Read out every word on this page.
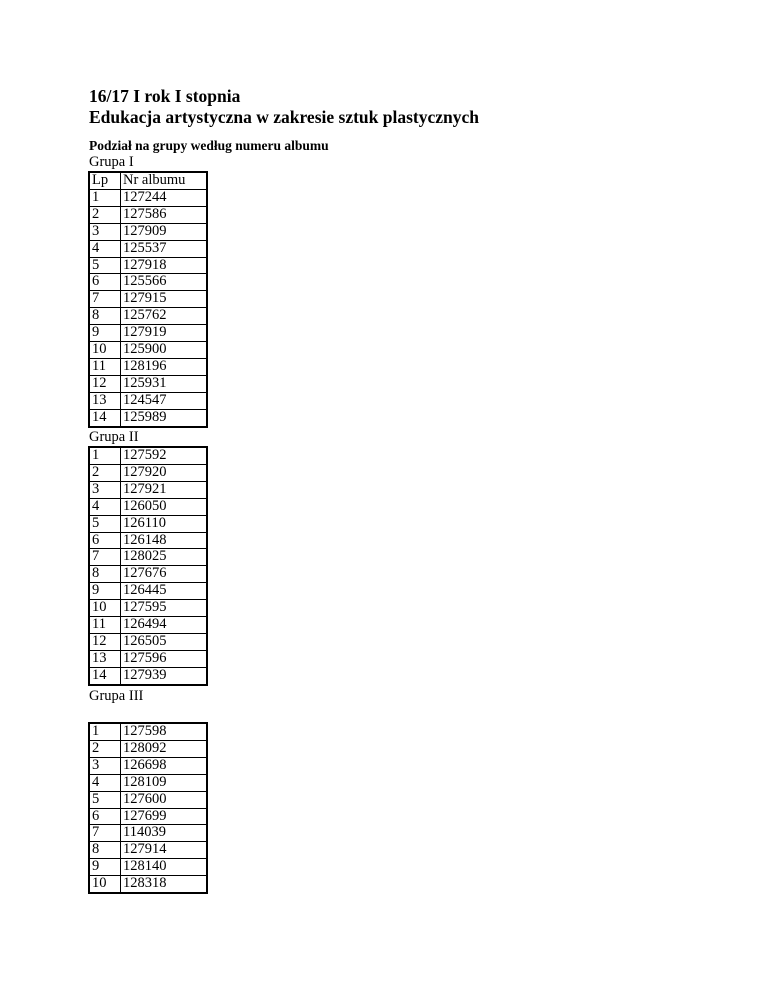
16/17 I rok I stopnia
Edukacja artystyczna w zakresie sztuk plastycznych
Podział na grupy według numeru albumu
Grupa I
Lp	Nr albumu
1	127244
2	127586
3	127909
4	125537
5	127918
6	125566
7	127915
8	125762
9	127919
10	125900
11	128196
12	125931
13	124547
14	125989
Grupa II
1	127592
2	127920
3	127921
4	126050
5	126110
6	126148
7	128025
8	127676
9	126445
10	127595
11	126494
12	126505
13	127596
14	127939
Grupa III
1	127598
2	128092
3	126698
4	128109
5	127600
6	127699
7	114039
8	127914
9	128140
10	128318
